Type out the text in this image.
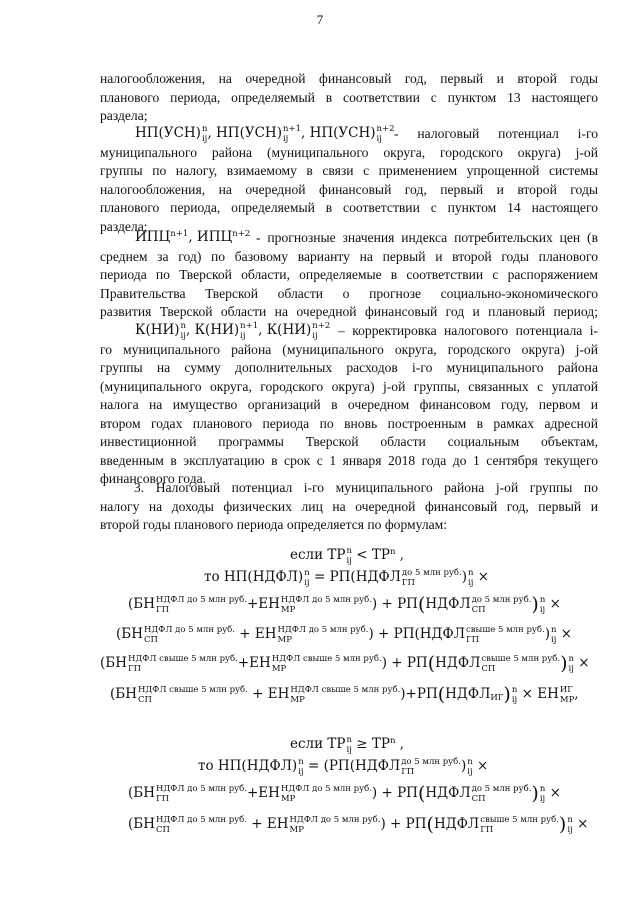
7
налогообложения, на очередной финансовый год, первый и второй годы
планового периода, определяемый в соответствии с пунктом 13 настоящего
раздела;
НП(УСН) n
ij , НП(УСН) n+1
ij , НП(УСН) n+2
ij - налоговый потенциал i-го
муниципального района (муниципального округа, городского округа) j-ой
группы по налогу, взимаемому в связи с применением упрощенной системы
налогообложения, на очередной финансовый год, первый и второй годы
планового периода, определяемый в соответствии с пунктом 14 настоящего
раздела;
$ИПЦ^{n+1}$, $ИПЦ^{n+2}$ - прогнозные значения индекса потребительских цен (в
среднем за год) по базовому варианту на первый и второй годы планового
периода по Тверской области, определяемые в соответствии с распоряжением
Правительства Тверской области о прогнозе социально-экономического
развития Тверской области на очередной финансовый год и плановый период;
К(НИ) n
ij , К(НИ) n+1
ij , К(НИ) n+2
ij	– корректировка налогового потенциала i-
го муниципального района (муниципального округа, городского округа) j-ой
группы на сумму дополнительных расходов i-го муниципального района
(муниципального округа, городского округа) j-ой группы, связанных с уплатой
налога на имущество организаций в очередном финансовом году, первом и
втором годах планового периода по вновь построенным в рамках адресной
инвестиционной программы Тверской области социальным объектам,
введенным в эксплуатацию в срок с 1 января 2018 года до 1 сентября текущего
финансового года.
3. Налоговый потенциал i-го муниципального района j-ой группы по
налогу на доходы физических лиц на очередной финансовый год, первый и
второй годы планового периода определяется по формулам:
если TP n
ij < $TP^n$ ,
то НП(НДФЛ) n
ij = РП(НДФЛ до 5 млн руб.
ГП	) n
ij ×
(БН НДФЛ до 5 млн руб.
ГП	+ЕН НДФЛ до 5 млн руб.
МР	) + РП(НДФЛ до 5 млн руб.
СП	) n
ij ×
(БН НДФЛ до 5 млн руб.
СП	+ ЕН НДФЛ до 5 млн руб.
МР	) + РП(НДФЛ свыше 5 млн руб.
ГП	) n
ij ×
(БН НДФЛ свыше 5 млн руб.
ГП	+ЕН НДФЛ свыше 5 млн руб.
МР	) + РП(НДФЛ свыше 5 млн руб.
СП	) n
ij ×
(БН НДФЛ свыше 5 млн руб.
СП	+ ЕН НДФЛ свыше 5 млн руб.
МР	)$+РП(НДФЛ_{ИГ})$ n
ij × ЕН ИГ
МР ,
если TP n
ij ≥ $TP^n$ ,
то НП(НДФЛ) n
ij = (РП(НДФЛ до 5 млн руб.
ГП	) n
ij ×
(БН НДФЛ до 5 млн руб.
ГП	+ЕН НДФЛ до 5 млн руб.
МР	) + РП(НДФЛ до 5 млн руб.
СП	) n
ij ×
(БН НДФЛ до 5 млн руб.
СП	+ ЕН НДФЛ до 5 млн руб.
МР	) + РП(НДФЛ свыше 5 млн руб.
ГП	) n
ij ×
